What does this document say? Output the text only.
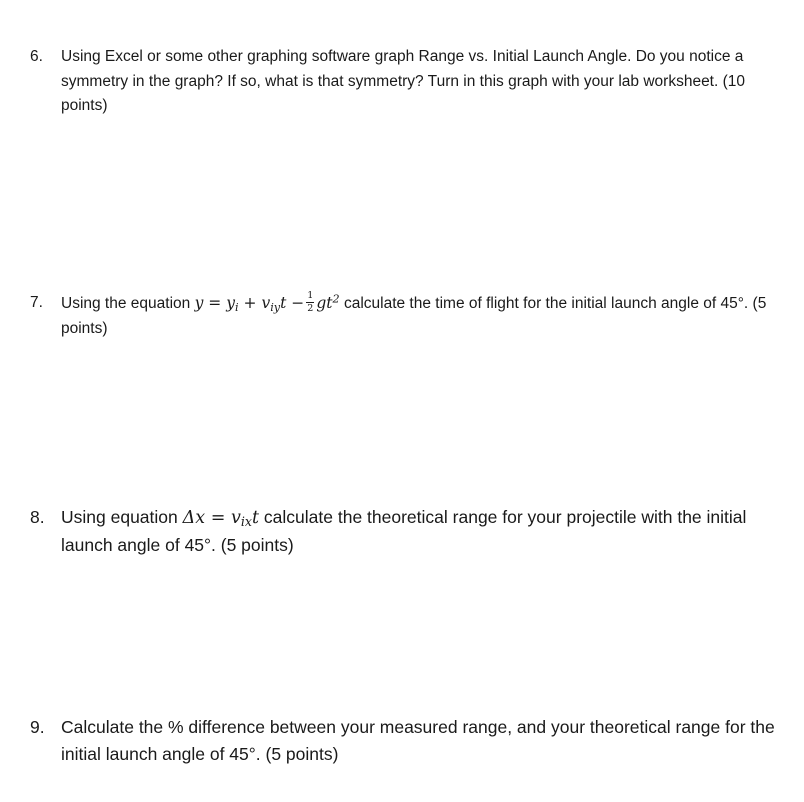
6. Using Excel or some other graphing software graph Range vs. Initial Launch Angle. Do you notice a symmetry in the graph? If so, what is that symmetry? Turn in this graph with your lab worksheet. (10 points)
7. Using the equation $y = y_i + v_{iy}t - \frac{1}{2} gt^2$ calculate the time of flight for the initial launch angle of 45°. (5 points)
8. Using equation $\Delta x = v_{ix}t$ calculate the theoretical range for your projectile with the initial launch angle of 45°. (5 points)
9. Calculate the % difference between your measured range, and your theoretical range for the initial launch angle of 45°. (5 points)
